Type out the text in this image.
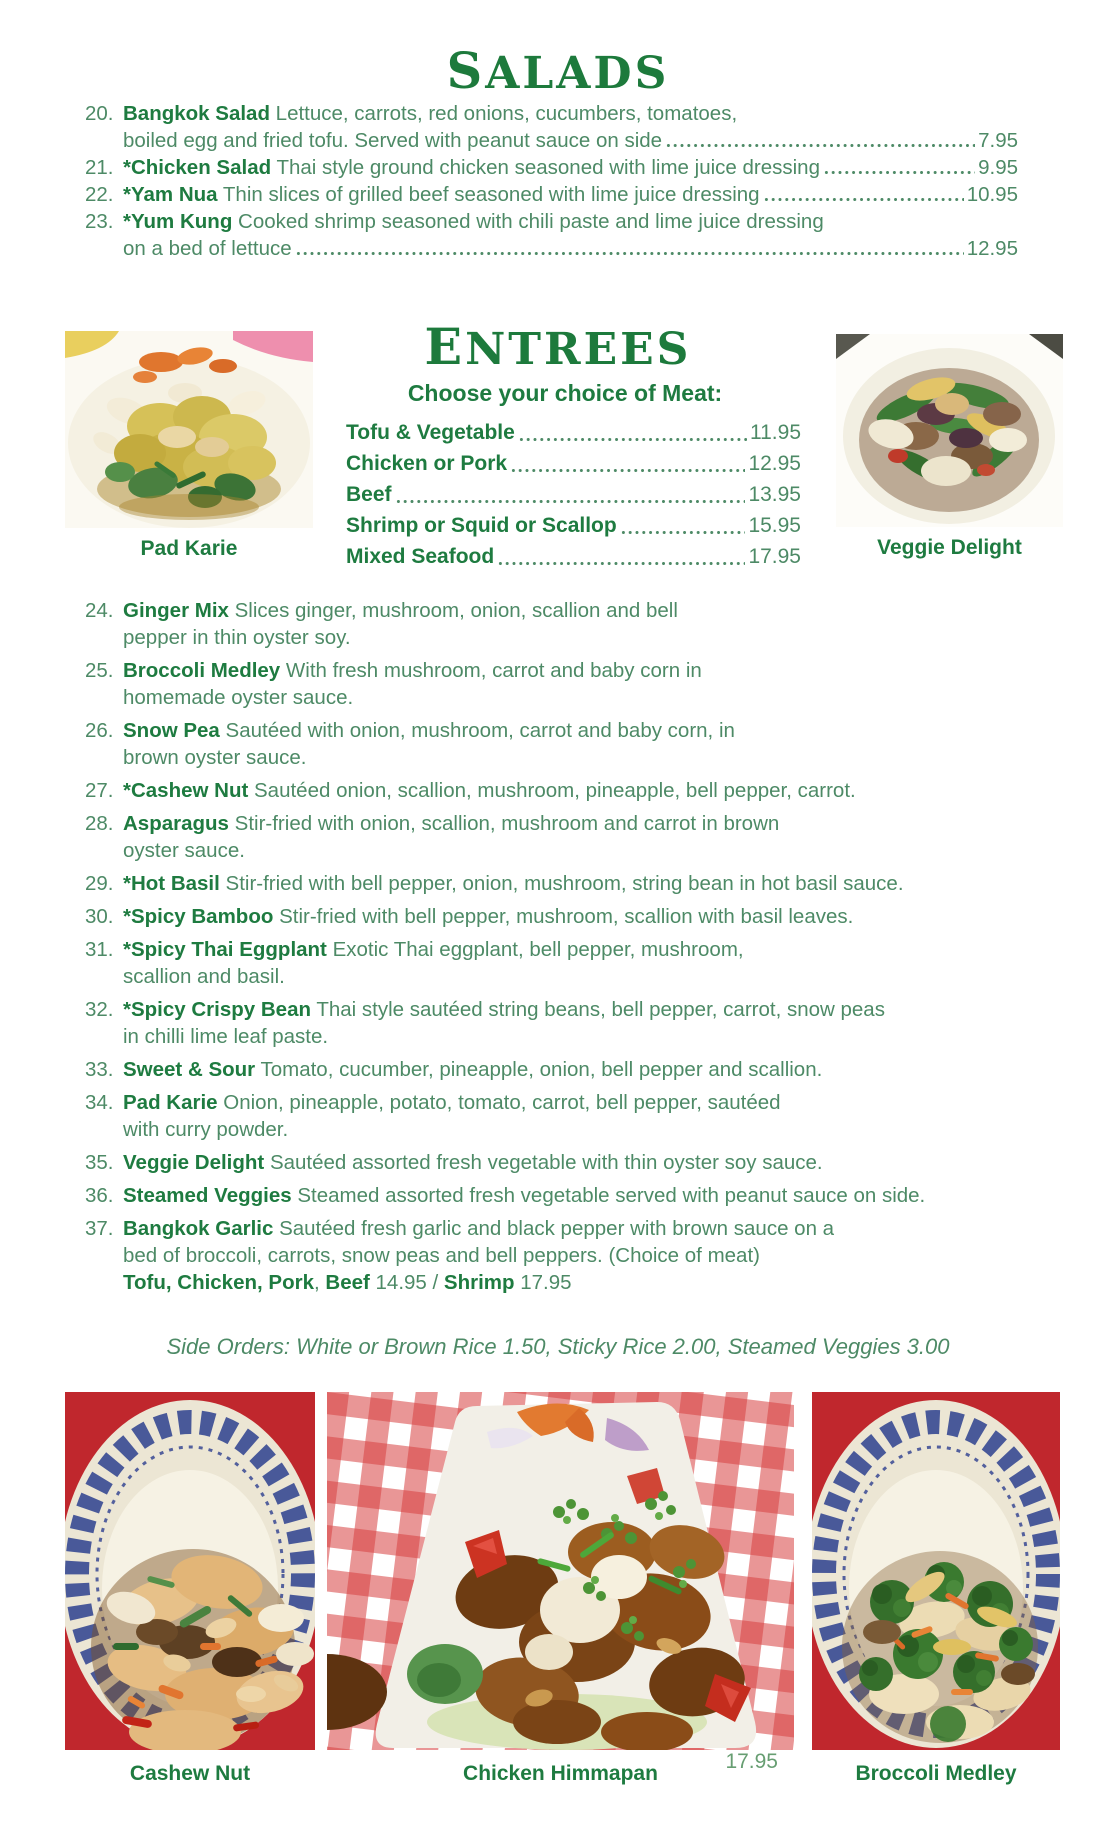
SALADS
20. Bangkok Salad Lettuce, carrots, red onions, cucumbers, tomatoes,
boiled egg and fried tofu. Served with peanut sauce on side	7.95
21. *Chicken Salad Thai style ground chicken seasoned with lime juice dressing	9.95
22. *Yam Nua Thin slices of grilled beef seasoned with lime juice dressing	10.95
23. *Yum Kung Cooked shrimp seasoned with chili paste and lime juice dressing
on a bed of lettuce	12.95
ENTREES
Choose your choice of Meat:
Tofu & Vegetable	11.95
Chicken or Pork	12.95
Beef	13.95
Shrimp or Squid or Scallop	15.95
Mixed Seafood	17.95
Pad Karie	Veggie Delight
24. Ginger Mix Slices ginger, mushroom, onion, scallion and bell
pepper in thin oyster soy.
25. Broccoli Medley With fresh mushroom, carrot and baby corn in
homemade oyster sauce.
26. Snow Pea Sautéed with onion, mushroom, carrot and baby corn, in
brown oyster sauce.
27. *Cashew Nut Sautéed onion, scallion, mushroom, pineapple, bell pepper, carrot.
28. Asparagus Stir-fried with onion, scallion, mushroom and carrot in brown
oyster sauce.
29. *Hot Basil Stir-fried with bell pepper, onion, mushroom, string bean in hot basil sauce.
30. *Spicy Bamboo Stir-fried with bell pepper, mushroom, scallion with basil leaves.
31. *Spicy Thai Eggplant Exotic Thai eggplant, bell pepper, mushroom,
scallion and basil.
32. *Spicy Crispy Bean Thai style sautéed string beans, bell pepper, carrot, snow peas
in chilli lime leaf paste.
33. Sweet & Sour Tomato, cucumber, pineapple, onion, bell pepper and scallion.
34. Pad Karie Onion, pineapple, potato, tomato, carrot, bell pepper, sautéed
with curry powder.
35. Veggie Delight Sautéed assorted fresh vegetable with thin oyster soy sauce.
36. Steamed Veggies Steamed assorted fresh vegetable served with peanut sauce on side.
37. Bangkok Garlic Sautéed fresh garlic and black pepper with brown sauce on a
bed of broccoli, carrots, snow peas and bell peppers. (Choice of meat)
Tofu, Chicken, Pork, Beef 14.95 / Shrimp 17.95
Side Orders: White or Brown Rice 1.50, Sticky Rice 2.00, Steamed Veggies 3.00
Cashew Nut
17.95
Chicken Himmapan	Broccoli Medley
